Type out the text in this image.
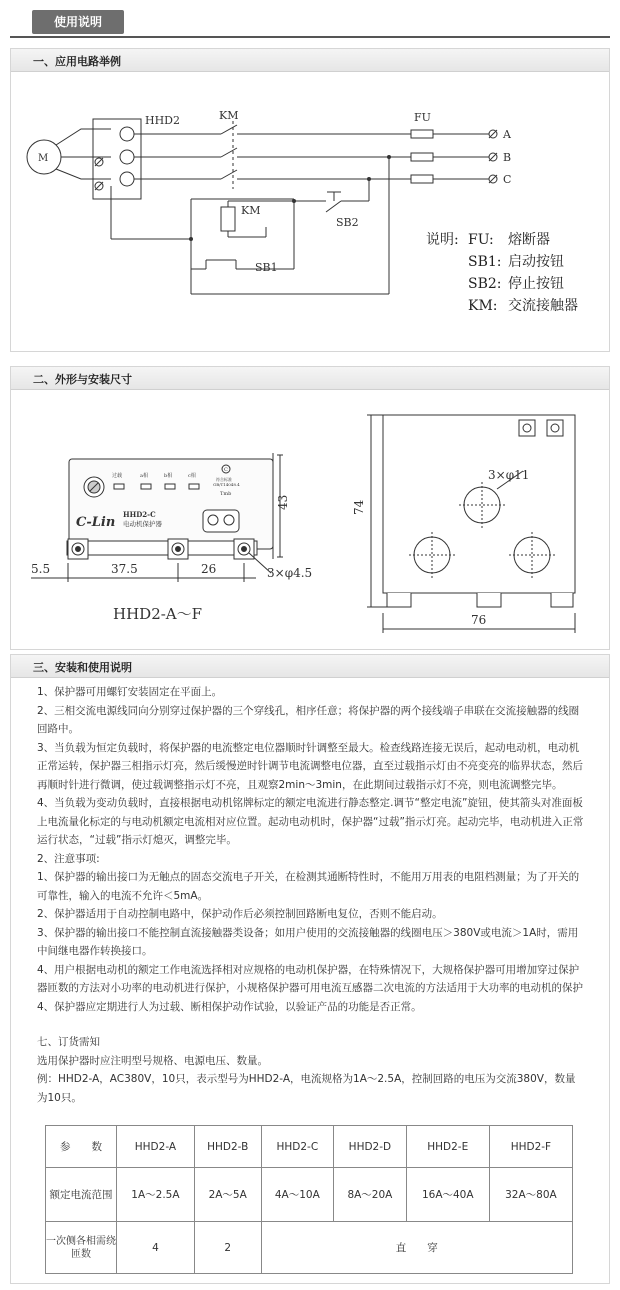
使用说明
一、应用电路举例
M
HHD2	KM
KM
FU
A
B
C
SB1
SB2
说明: FU:	熔断器
SB1: 启动按钮
SB2: 停止按钮
KM: 交流接触器
二、外形与安装尺寸
过载	a相	b相	c相
C
符合标准
GB/T14048.4
Tmb
C-Lin
HHD2-C
电动机保护器
5.5	37.5	26	3×φ4.5
43
HHD2-A～F
3×φ11
74
76
三、安装和使用说明

1、保护器可用螺钉安装固定在平面上。

2、三相交流电源线同向分别穿过保护器的三个穿线孔，相序任意；将保护器的两个接线端子串联在交流接触器的线圈回路中。

3、当负载为恒定负载时，将保护器的电流整定电位器顺时针调整至最大。检查线路连接无误后，起动电动机，电动机正常运转，保护器三相指示灯亮，然后缓慢逆时针调节电流调整电位器，直至过载指示灯由不亮变亮的临界状态，然后再顺时针进行微调，使过载调整指示灯不亮，且观察2min～3min，在此期间过载指示灯不亮，则电流调整完毕。

4、当负载为变动负载时，直接根据电动机铭牌标定的额定电流进行静态整定.调节“整定电流”旋钮，使其箭头对准面板上电流量化标定的与电动机额定电流相对应位置。起动电动机时，保护器“过载”指示灯亮。起动完毕，电动机进入正常运行状态，“过载”指示灯熄灭，调整完毕。

2、注意事项:

1、保护器的输出接口为无触点的固态交流电子开关，在检测其通断特性时，不能用万用表的电阻档测量；为了开关的可靠性，输入的电流不允许＜5mA。

2、保护器适用于自动控制电路中，保护动作后必须控制回路断电复位，否则不能启动。

3、保护器的输出接口不能控制直流接触器类设备；如用户使用的交流接触器的线圈电压＞380V或电流＞1A时，需用中间继电器作转换接口。

4、用户根据电动机的额定工作电流选择相对应规格的电动机保护器，在特殊情况下，大规格保护器可用增加穿过保护器匝数的方法对小功率的电动机进行保护，小规格保护器可用电流互感器二次电流的方法适用于大功率的电动机的保护

4、保护器应定期进行人为过载、断相保护动作试验，以验证产品的功能是否正常。

七、订货需知

选用保护器时应注明型号规格、电源电压、数量。

例：HHD2-A，AC380V，10只，表示型号为HHD2-A，电流规格为1A～2.5A，控制回路的电压为交流380V，数量为10只。

参　　数	HHD2-A	HHD2-B	HHD2-C	HHD2-D	HHD2-E	HHD2-F
额定电流范围	1A～2.5A	2A～5A	4A～10A	8A～20A	16A～40A	32A～80A
一次侧各相需绕匝数	4	2	直　　穿			
